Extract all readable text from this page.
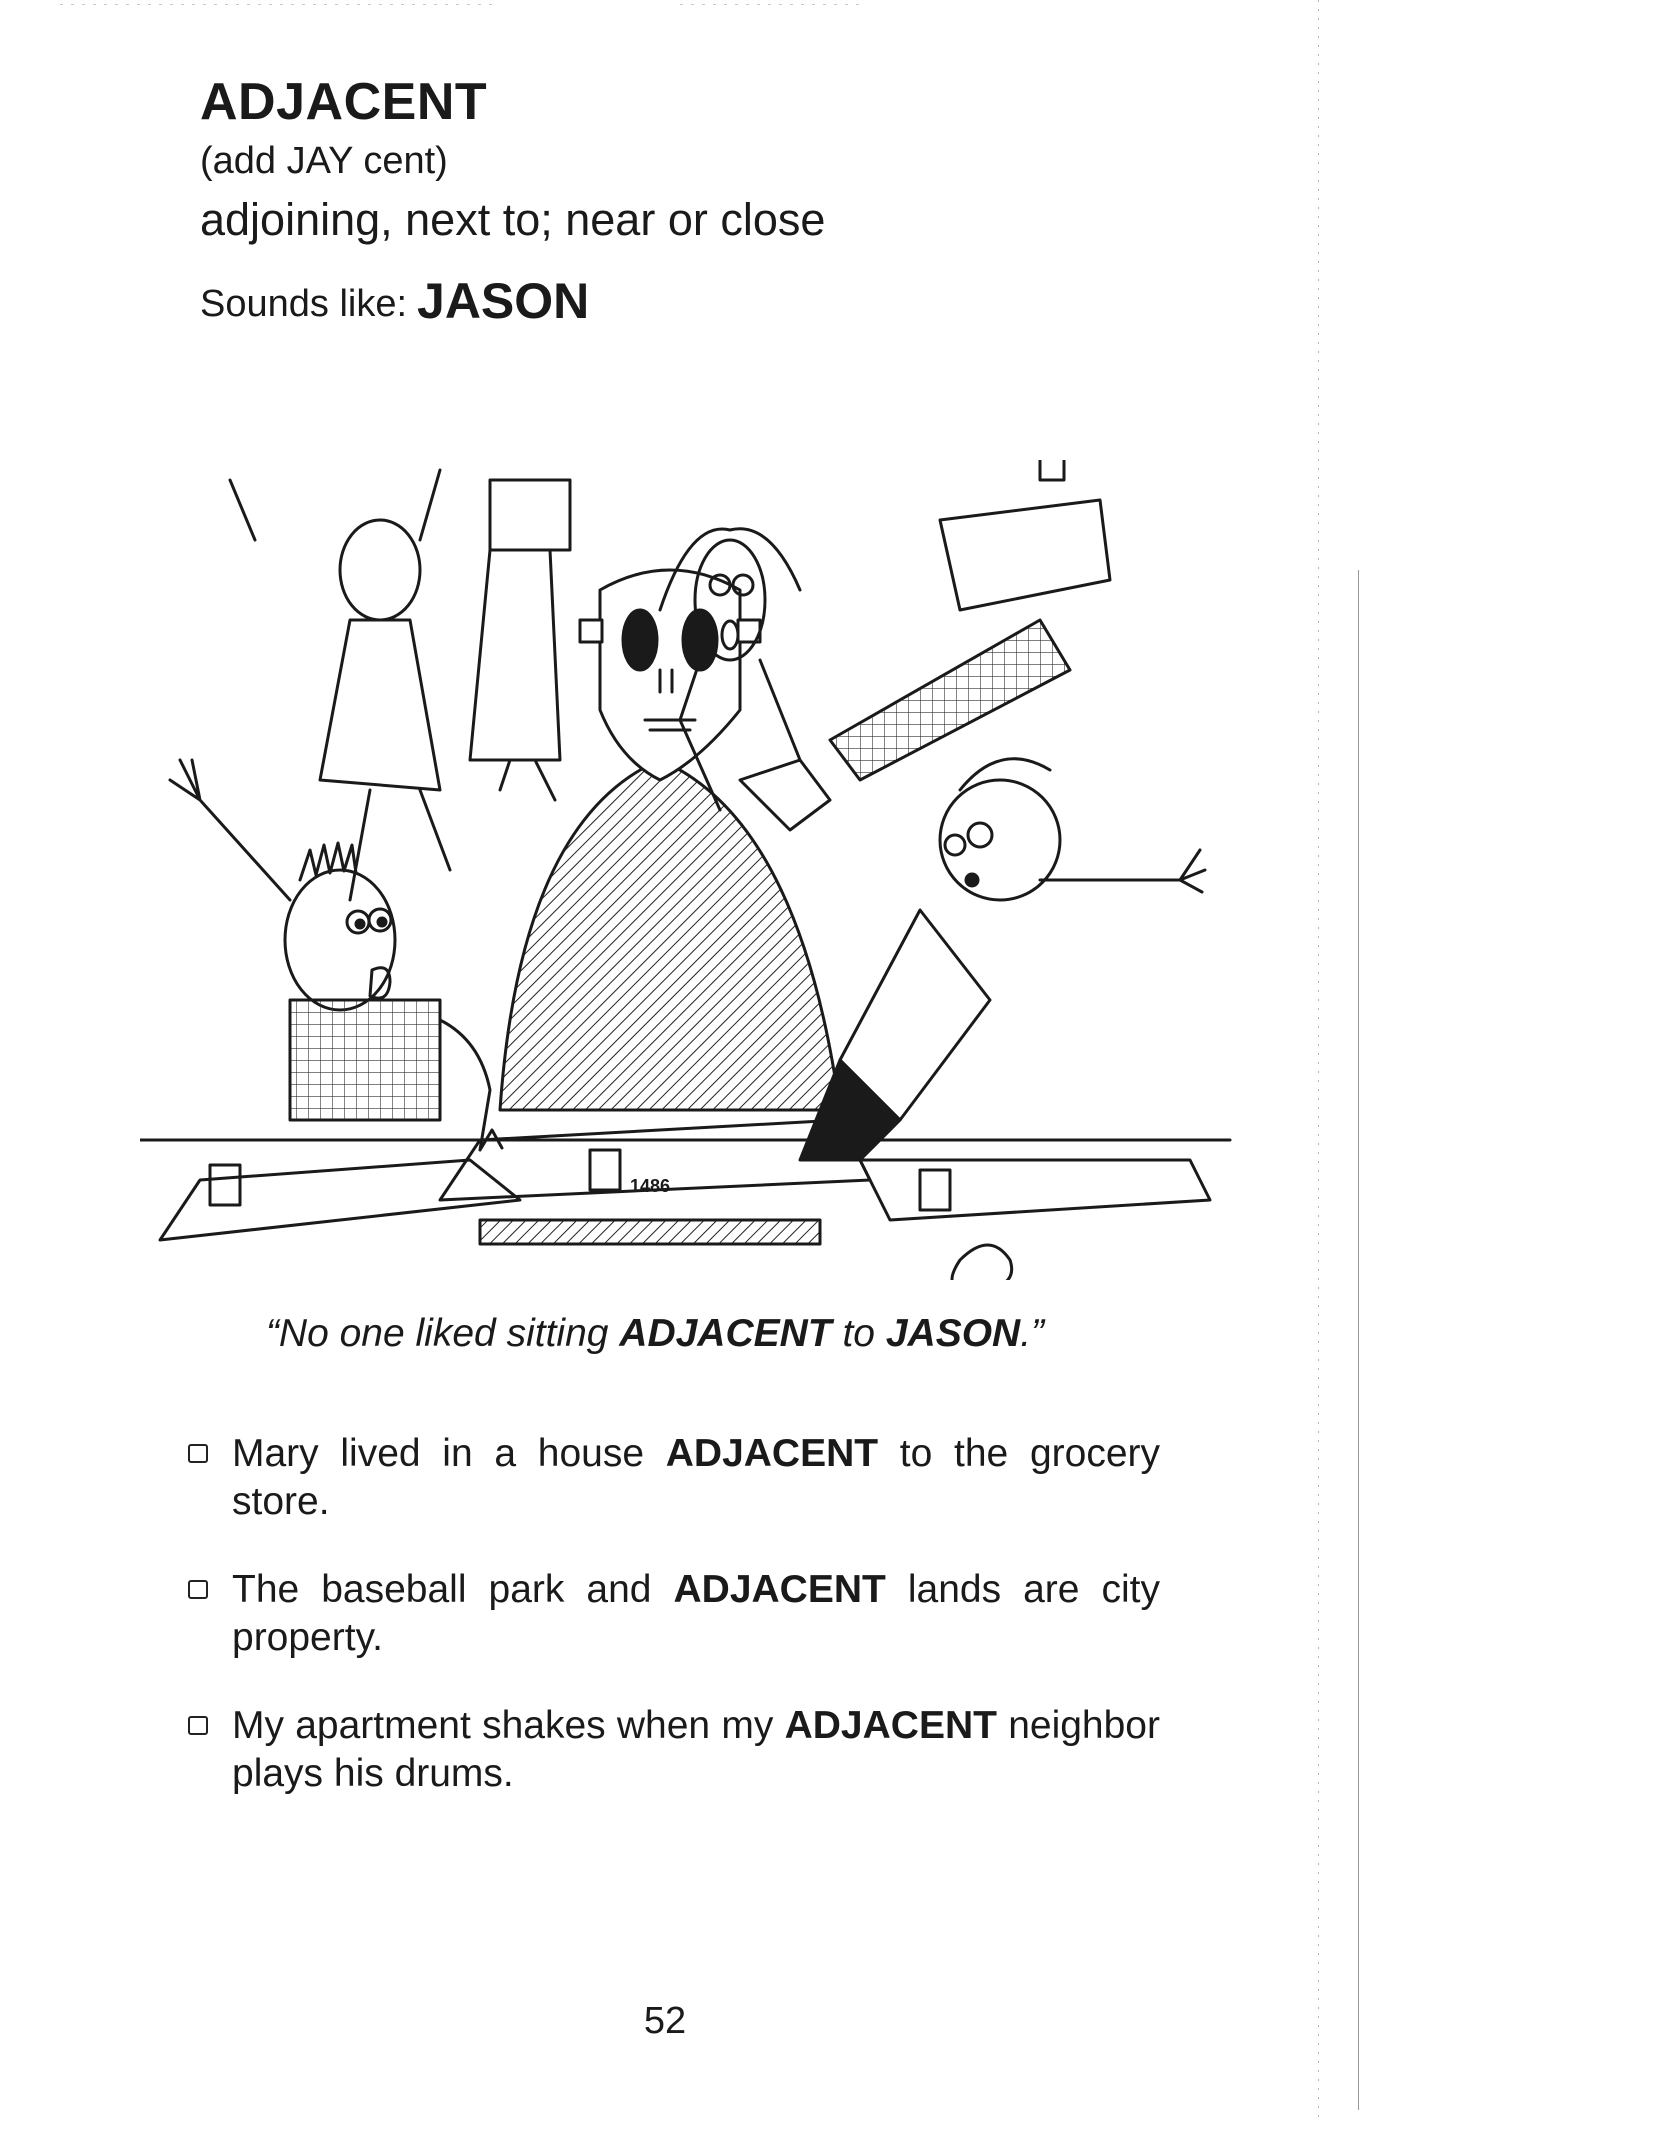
ADJACENT
(add JAY cent)
adjoining, next to; near or close
Sounds like: JASON
1486
“No one liked sitting ADJACENT to JASON.”
Mary lived in a house ADJACENT to the grocery store.
The baseball park and ADJACENT lands are city property.
My apartment shakes when my ADJACENT neighbor plays his drums.
52
